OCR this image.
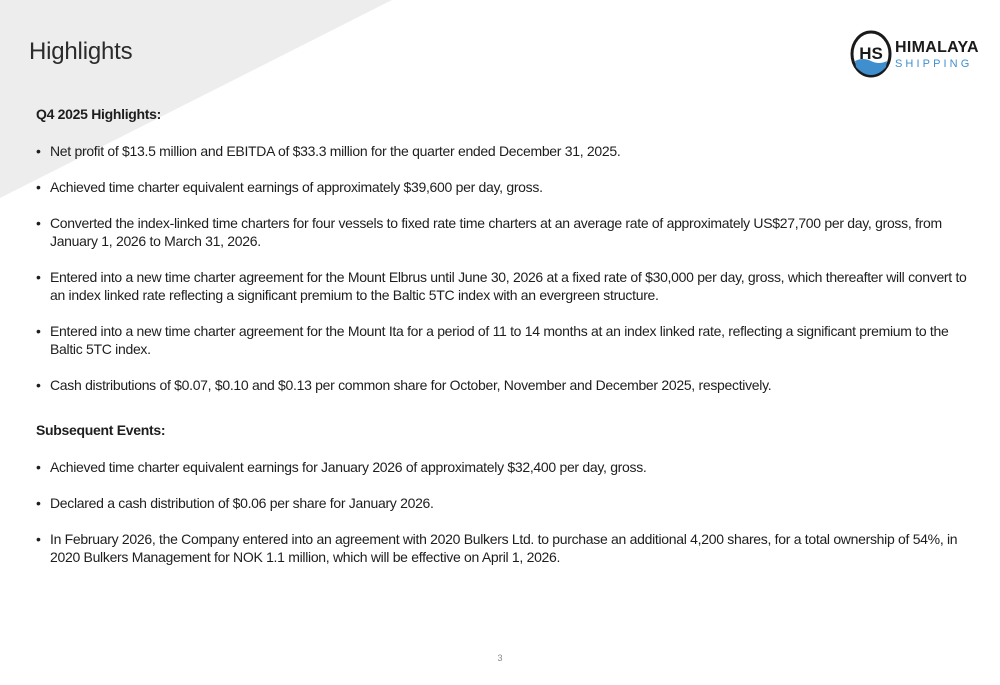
Highlights	HS HIMALAYA
SHIPPING
Q4 2025 Highlights:
• Net profit of $13.5 million and EBITDA of $33.3 million for the quarter ended December 31, 2025.
• Achieved time charter equivalent earnings of approximately $39,600 per day, gross.
• Converted the index-linked time charters for four vessels to fixed rate time charters at an average rate of approximately US$27,700 per day, gross, from January 1, 2026 to March 31, 2026.
• Entered into a new time charter agreement for the Mount Elbrus until June 30, 2026 at a fixed rate of $30,000 per day, gross, which thereafter will convert to an index linked rate reflecting a significant premium to the Baltic 5TC index with an evergreen structure.
• Entered into a new time charter agreement for the Mount Ita for a period of 11 to 14 months at an index linked rate, reflecting a significant premium to the Baltic 5TC index.
• Cash distributions of $0.07, $0.10 and $0.13 per common share for October, November and December 2025, respectively.
Subsequent Events:
• Achieved time charter equivalent earnings for January 2026 of approximately $32,400 per day, gross.
• Declared a cash distribution of $0.06 per share for January 2026.
• In February 2026, the Company entered into an agreement with 2020 Bulkers Ltd. to purchase an additional 4,200 shares, for a total ownership of 54%, in 2020 Bulkers Management for NOK 1.1 million, which will be effective on April 1, 2026.
3
